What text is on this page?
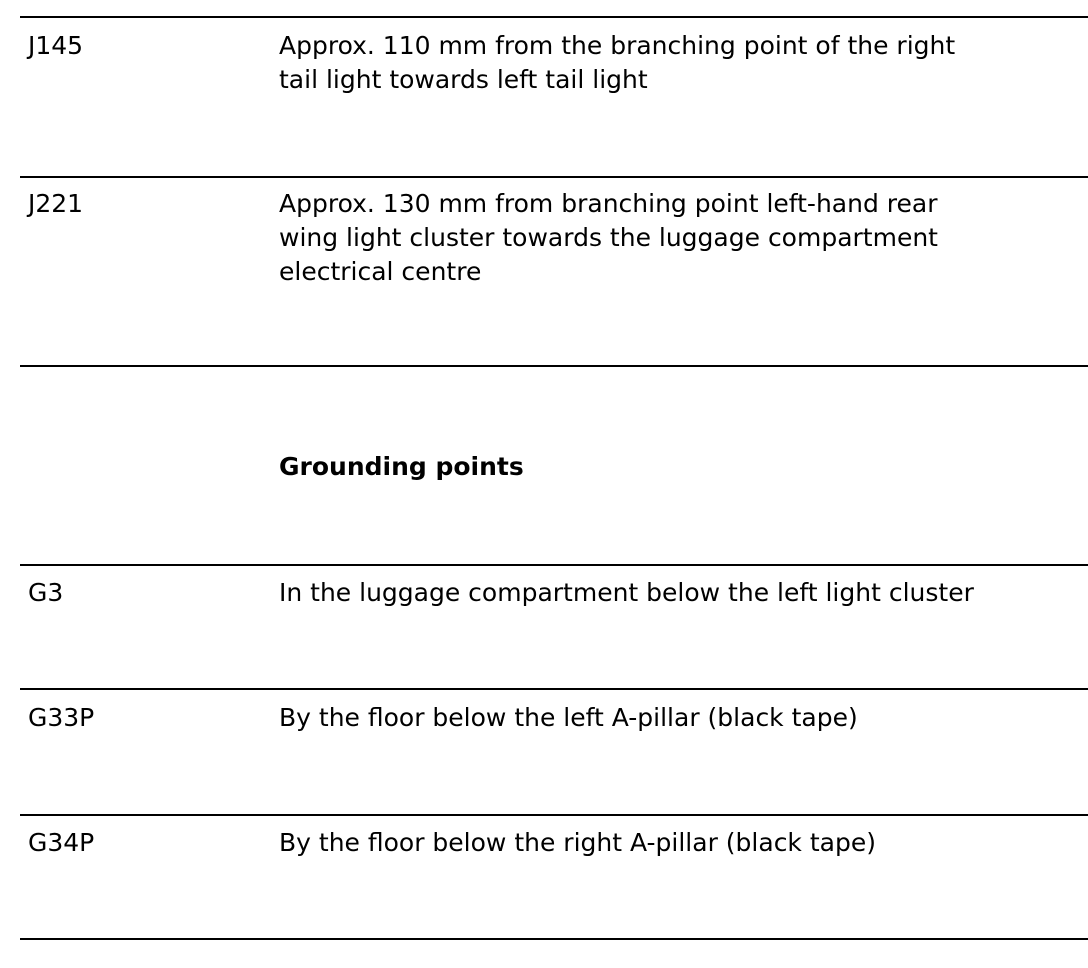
J145	Approx. 110 mm from the branching point of the right
tail light towards left tail light
J221	Approx. 130 mm from branching point left-hand rear
wing light cluster towards the luggage compartment
electrical centre
Grounding points
G3	In the luggage compartment below the left light cluster
G33P	By the floor below the left A-pillar (black tape)
G34P	By the floor below the right A-pillar (black tape)
